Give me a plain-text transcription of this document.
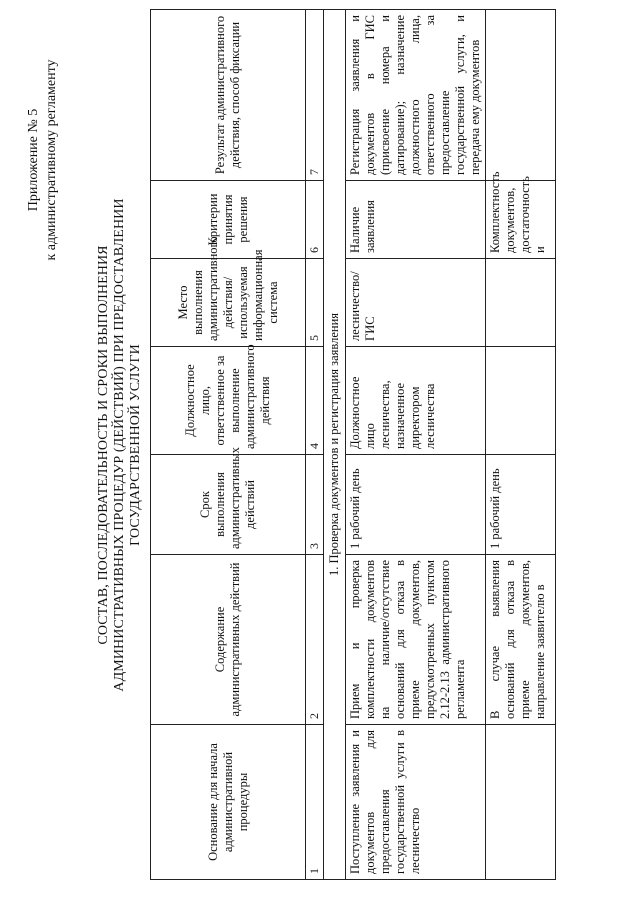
Приложение № 5 к административному регламенту
СОСТАВ, ПОСЛЕДОВАТЕЛЬНОСТЬ И СРОКИ ВЫПОЛНЕНИЯ АДМИНИСТРАТИВНЫХ ПРОЦЕДУР (ДЕЙСТВИЙ) ПРИ ПРЕДОСТАВЛЕНИИ ГОСУДАРСТВЕННОЙ УСЛУГИ
Основание для начала административной процедуры	Содержание административных действий	Срок выполнения административных действий	Должностное лицо, ответственное за выполнение административного действия	Место выполнения административного действия/используемая информационная система	Критерии принятия решения	Результат административного действия, способ фиксации
1	2	3	4	5	6	7
1. Проверка документов и регистрация заявления						
Поступление заявления и документов для предоставления государственной услуги в лесничество	Прием и проверка комплектности документов на наличие/отсутствие оснований для отказа в приеме документов, предусмотренных пунктом 2.12-2.13 административного регламента	1 рабочий день	Должностное лицо лесничества, назначенное директором лесничества	лесничество/ ГИС	Наличие заявления	Регистрация заявления и документов в ГИС (присвоение номера и датирование); назначение должностного лица, ответственного за предоставление государственной услуги, и передача ему документов
	В случае выявления оснований для отказа в приеме документов, направление заявителю в	1 рабочий день			Комплектность документов, достаточность и	
